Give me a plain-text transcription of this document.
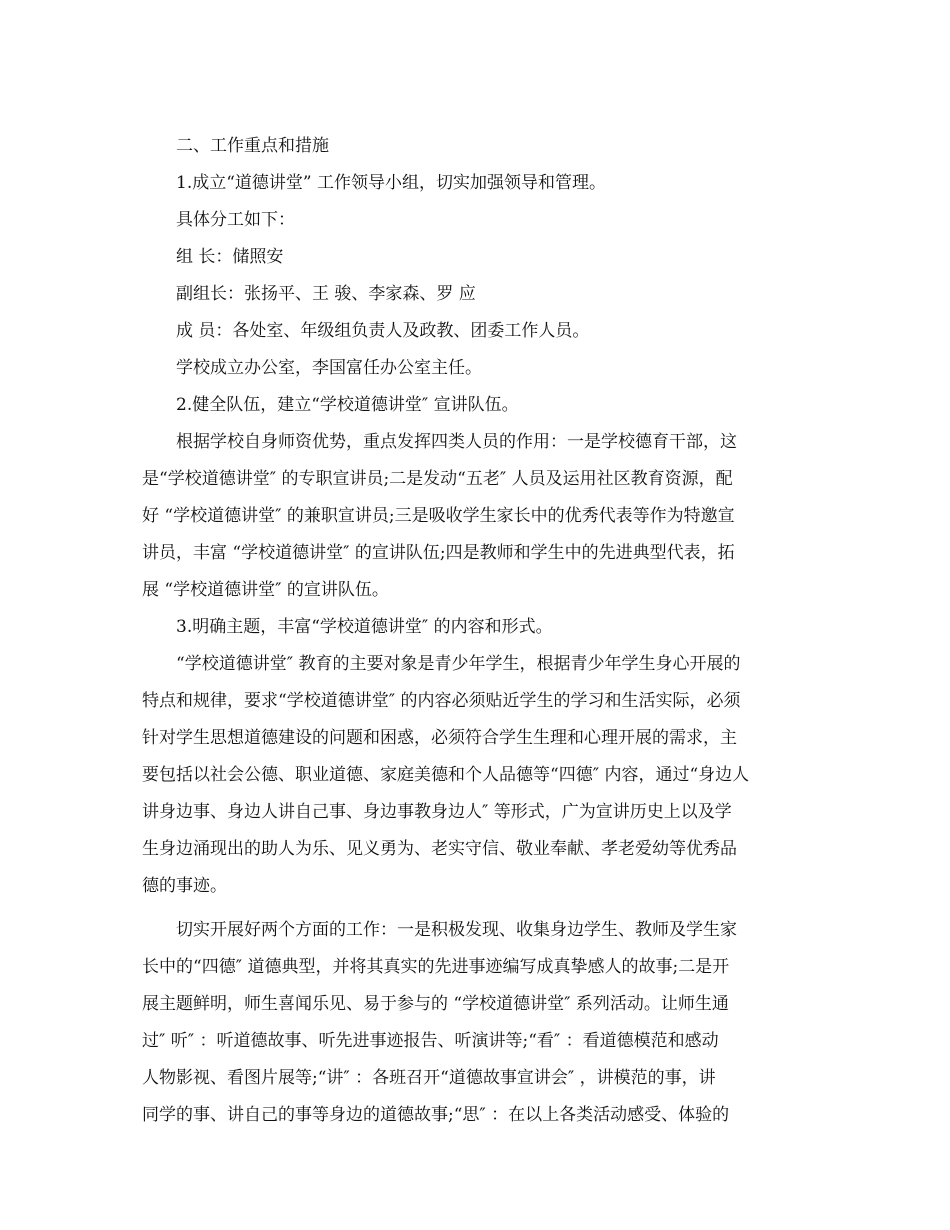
二、工作重点和措施

1.成立“道德讲堂” 工作领导小组，切实加强领导和管理。

具体分工如下：

组 长：储照安

副组长：张扬平、王 骏、李家森、罗 应

成 员：各处室、年级组负责人及政教、团委工作人员。

学校成立办公室，李国富任办公室主任。

2.健全队伍，建立“学校道德讲堂″ 宣讲队伍。

根据学校自身师资优势，重点发挥四类人员的作用：一是学校德育干部，这

是“学校道德讲堂″ 的专职宣讲员;二是发动“五老″ 人员及运用社区教育资源，配

好 “学校道德讲堂″ 的兼职宣讲员;三是吸收学生家长中的优秀代表等作为特邀宣

讲员，丰富 “学校道德讲堂″ 的宣讲队伍;四是教师和学生中的先进典型代表，拓

展 “学校道德讲堂″ 的宣讲队伍。

3.明确主题，丰富“学校道德讲堂″ 的内容和形式。

“学校道德讲堂″ 教育的主要对象是青少年学生，根据青少年学生身心开展的

特点和规律，要求“学校道德讲堂″ 的内容必须贴近学生的学习和生活实际，必须

针对学生思想道德建设的问题和困惑，必须符合学生生理和心理开展的需求，主

要包括以社会公德、职业道德、家庭美德和个人品德等“四德″ 内容，通过“身边人

讲身边事、身边人讲自己事、身边事教身边人″ 等形式，广为宣讲历史上以及学

生身边涌现出的助人为乐、见义勇为、老实守信、敬业奉献、孝老爱幼等优秀品

德的事迹。

切实开展好两个方面的工作：一是积极发现、收集身边学生、教师及学生家

长中的“四德″ 道德典型，并将其真实的先进事迹编写成真挚感人的故事;二是开

展主题鲜明，师生喜闻乐见、易于参与的 “学校道德讲堂″ 系列活动。让师生通

过″ 听″ ：听道德故事、听先进事迹报告、听演讲等;“看″ ：看道德模范和感动

人物影视、看图片展等;“讲″ ：各班召开“道德故事宣讲会″ ，讲模范的事，讲

同学的事、讲自己的事等身边的道德故事;“思″ ：在以上各类活动感受、体验的
